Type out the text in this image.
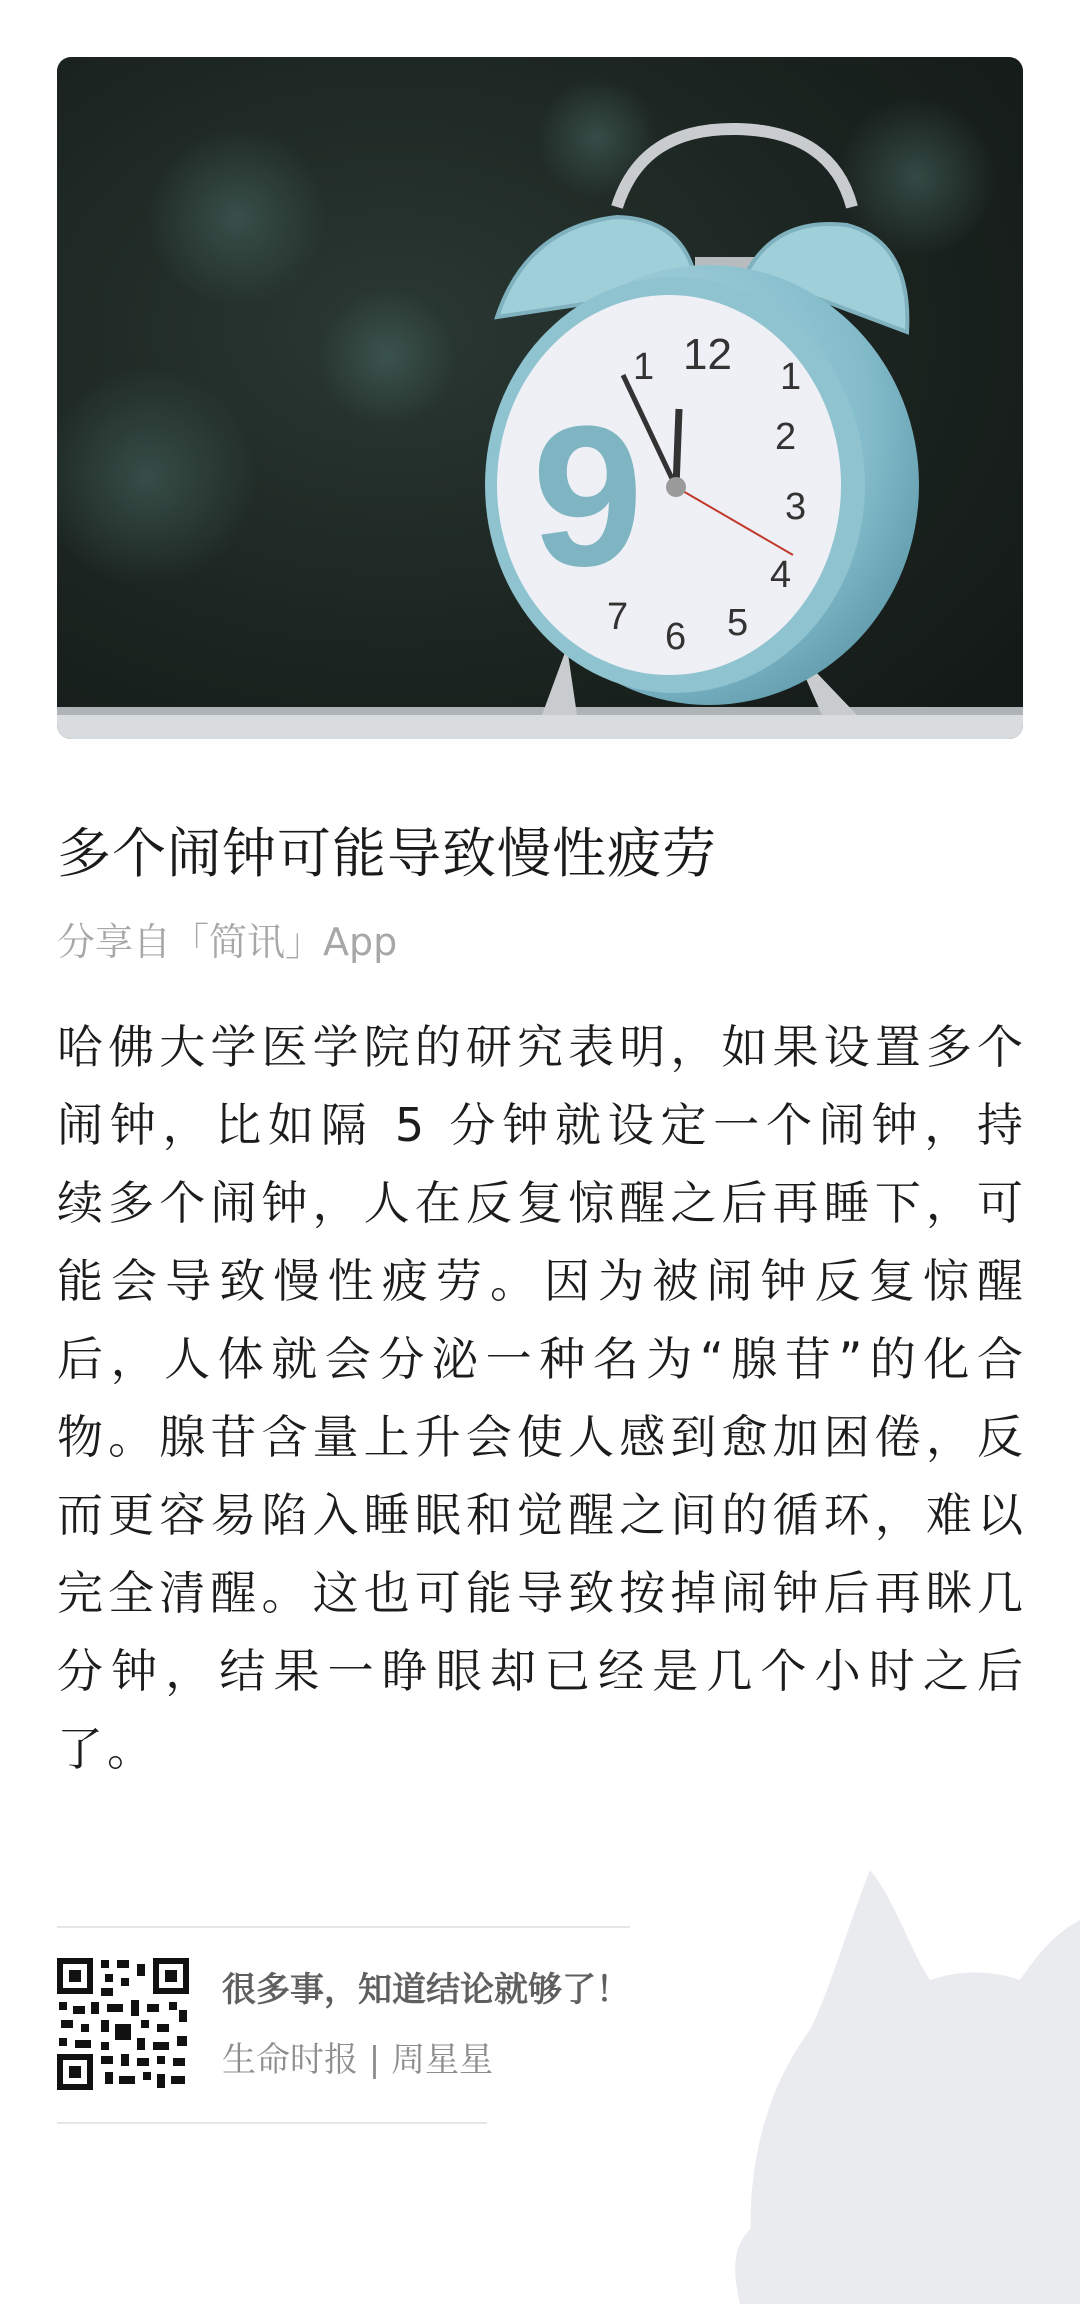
9
12
1	1
2
3
4
5
6
7
多个闹钟可能导致慢性疲劳
分享自「简讯」App
哈佛大学医学院的研究表明，如果设置多个闹钟，比如隔 5 分钟就设定一个闹钟，持续多个闹钟，人在反复惊醒之后再睡下，可能会导致慢性疲劳。因为被闹钟反复惊醒后，人体就会分泌一种名为“腺苷”的化合物。腺苷含量上升会使人感到愈加困倦，反而更容易陷入睡眠和觉醒之间的循环，难以完全清醒。这也可能导致按掉闹钟后再眯几分钟，结果一睁眼却已经是几个小时之后了。
很多事，知道结论就够了！
生命时报 | 周星星
